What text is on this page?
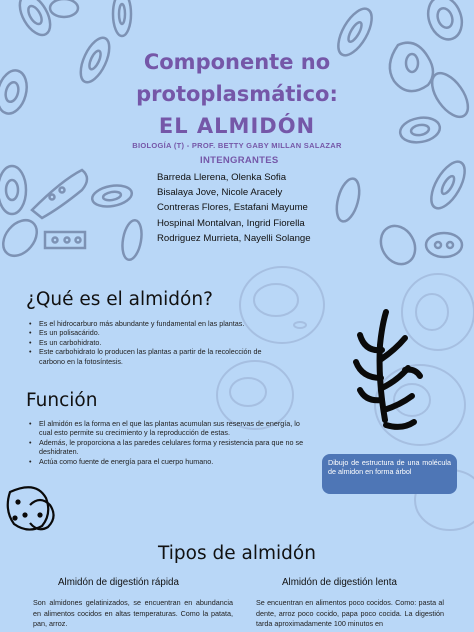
Componente no
protoplasmático:
EL ALMIDÓN
BIOLOGÍA (T) - PROF. BETTY GABY MILLAN SALAZAR
INTENGRANTES
Barreda Llerena, Olenka Sofia
Bisalaya Jove, Nicole Aracely
Contreras Flores, Estafani Mayume
Hospinal Montalvan, Ingrid Fiorella
Rodriguez Murrieta, Nayelli Solange
¿Qué es el almidón?
• Es el hidrocarburo más abundante y fundamental en las plantas.
• Es un polisacárido.
• Es un carbohidrato.
• Este carbohidrato lo producen las plantas a partir de la recolección de carbono en la fotosíntesis.
Función
• El almidón es la forma en el que las plantas acumulan sus reservas de energía, lo cual esto permite su crecimiento y la reproducción de estas.
• Además, le proporciona a las paredes celulares forma y resistencia para que no se deshidraten.
• Actúa como fuente de energía para el cuerpo humano.	Dibujo de estructura de una molécula de almidon en forma árbol
Tipos de almidón
Almidón de digestión rápida	Almidón de digestión lenta

Son almidones gelatinizados, se encuentran en abundancia en alimentos cocidos en altas temperaturas. Como la patata, pan, arroz.

Se encuentran en alimentos poco cocidos. Como: pasta al dente, arroz poco cocido, papa poco cocida. La digestión tarda aproximadamente 100 minutos en
